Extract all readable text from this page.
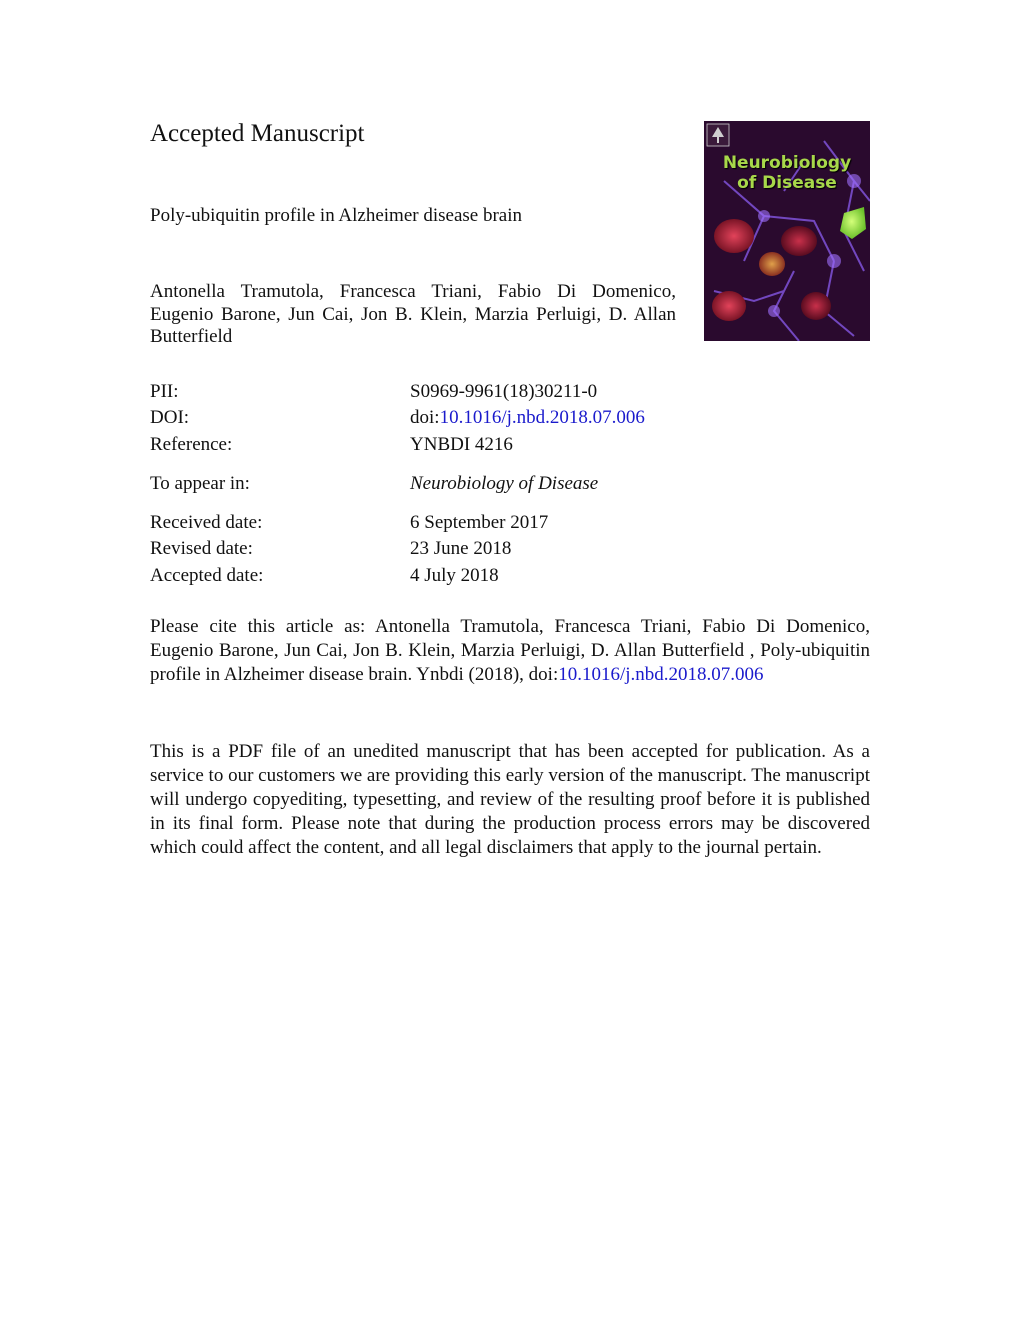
Accepted Manuscript
Poly-ubiquitin profile in Alzheimer disease brain
Antonella Tramutola, Francesca Triani, Fabio Di Domenico, Eugenio Barone, Jun Cai, Jon B. Klein, Marzia Perluigi, D. Allan Butterfield
Neurobiology
of Disease
PII:	S0969-9961(18)30211-0
DOI:	doi:10.1016/j.nbd.2018.07.006
Reference:	YNBDI 4216
To appear in:	Neurobiology of Disease
Received date:	6 September 2017
Revised date:	23 June 2018
Accepted date:	4 July 2018
Please cite this article as: Antonella Tramutola, Francesca Triani, Fabio Di Domenico, Eugenio Barone, Jun Cai, Jon B. Klein, Marzia Perluigi, D. Allan Butterfield , Poly-ubiquitin profile in Alzheimer disease brain. Ynbdi (2018), doi:10.1016/j.nbd.2018.07.006
This is a PDF file of an unedited manuscript that has been accepted for publication. As a service to our customers we are providing this early version of the manuscript. The manuscript will undergo copyediting, typesetting, and review of the resulting proof before it is published in its final form. Please note that during the production process errors may be discovered which could affect the content, and all legal disclaimers that apply to the journal pertain.
